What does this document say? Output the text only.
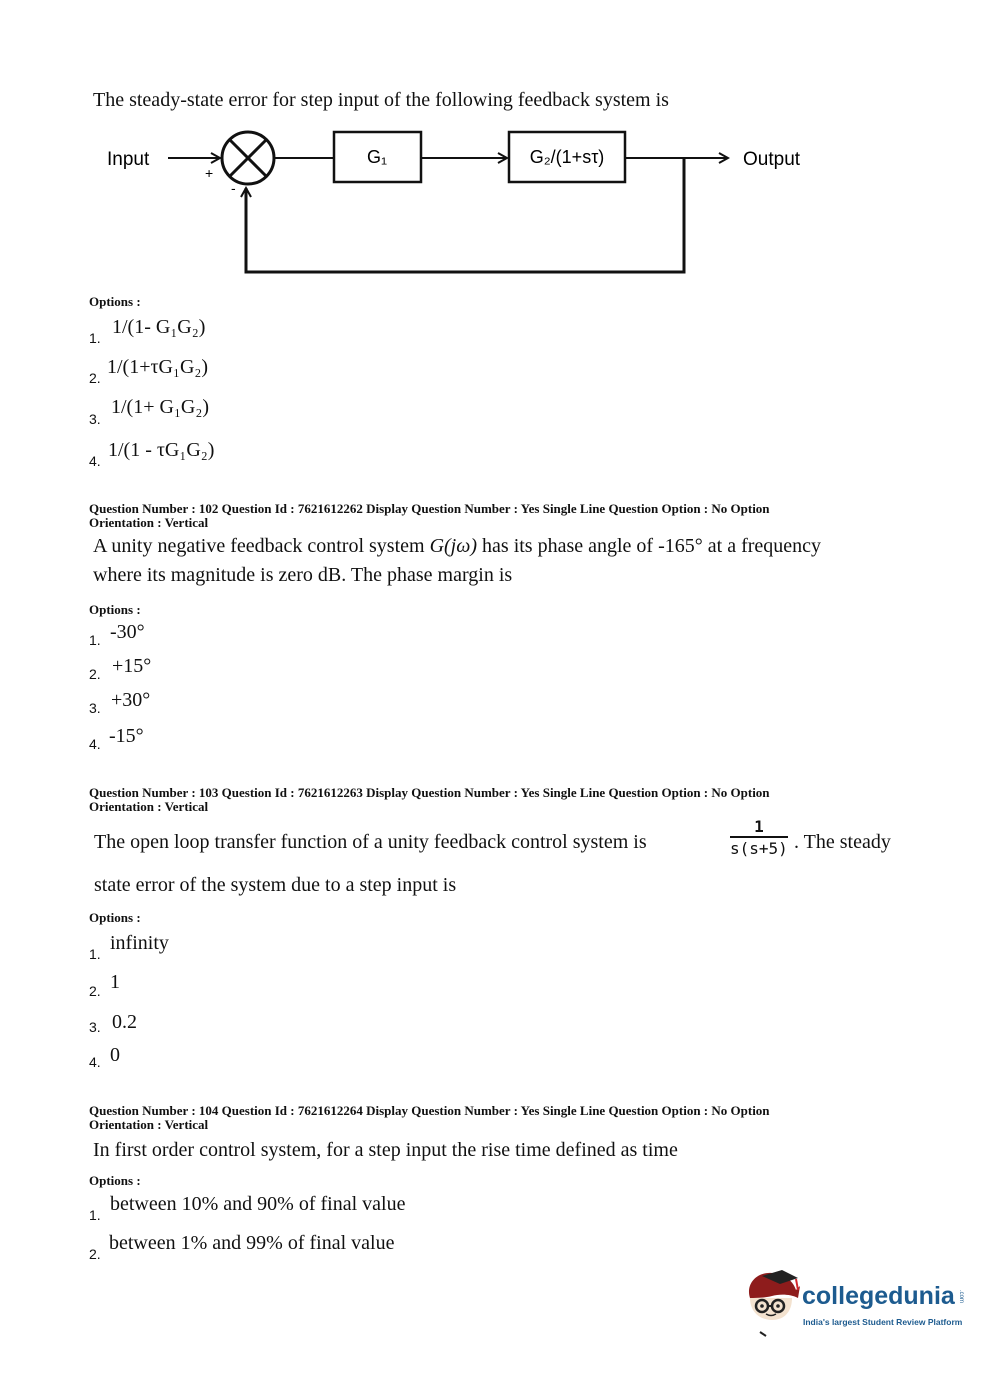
The steady-state error for step input of the following feedback system is
Input
+
-
G₁	G₂/(1+sτ)	Output
Options :
1. 1/(1- G₁G₂)
2. 1/(1+τG₁G₂)
3.
1/(1+ G₁G₂)
4. 1/(1 - τG₁G₂)
Question Number : 102 Question Id : 7621612262 Display Question Number : Yes Single Line Question Option : No Option
Orientation : Vertical
A unity negative feedback control system G(jω) has its phase angle of -165° at a frequency
where its magnitude is zero dB. The phase margin is
Options :
1. -30°
2. +15°
3. +30°
4. -15°
Question Number : 103 Question Id : 7621612263 Display Question Number : Yes Single Line Question Option : No Option
Orientation : Vertical
The open loop transfer function of a unity feedback control system is	$\frac{1}{s(s+5)}$ . The steady
state error of the system due to a step input is
Options :
1. infinity
2. 1
3. 0.2
4. 0
Question Number : 104 Question Id : 7621612264 Display Question Number : Yes Single Line Question Option : No Option
Orientation : Vertical
In first order control system, for a step input the rise time defined as time
Options :
1. between 10% and 90% of final value
2. between 1% and 99% of final value
collegedunia .com
India's largest Student Review Platform
